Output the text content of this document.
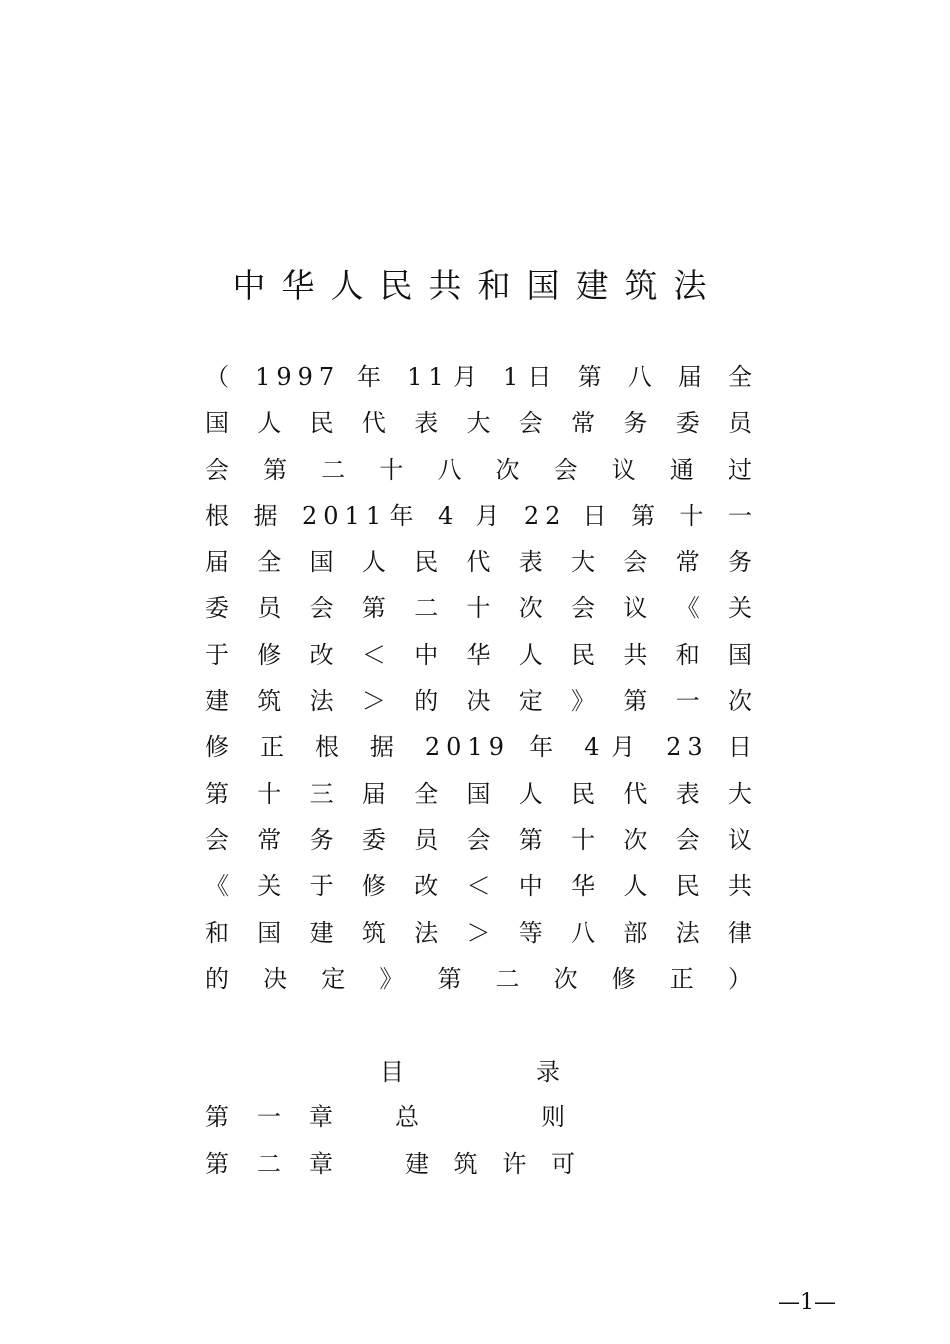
中华人民共和国建筑法
（ 1997 年 11月 1日 第 八 届 全
国人民代表大会常务委员
会第二十八次会议通过
根 据 2011年 4 月 22 日 第 十 一
届全国人民代表大会常务
委员会第二十次会议《关
于修改＜中华人民共和国
建筑法＞的决定》第一次
修 正 根 据 2019 年 4月 23 日
第十三届全国人民代表大
会常务委员会第十次会议
《关于修改＜中华人民共
和国建筑法＞等八部法律
的决定》第二次修正）
目录
第一章	总则
第二章	建筑许可
—1—
